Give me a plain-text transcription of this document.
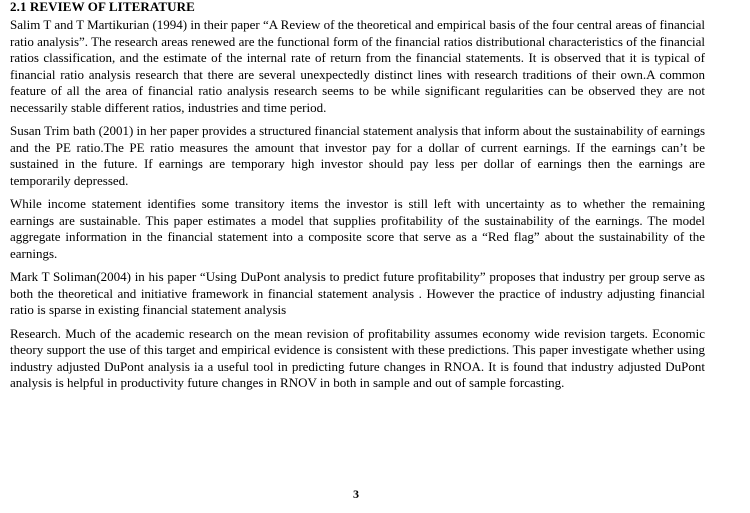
2.1 REVIEW OF LITERATURE

Salim T and T Martikurian (1994) in their paper “A Review of the theoretical and empirical basis of the four central areas of financial ratio analysis”. The research areas renewed are the functional form of the financial ratios distributional characteristics of the financial ratios classification, and the estimate of the internal rate of return from the financial statements. It is observed that it is typical of financial ratio analysis research that there are several unexpectedly distinct lines with research traditions of their own.A common feature of all the area of financial ratio analysis research seems to be while significant regularities can be observed they are not necessarily stable different ratios, industries and time period.

Susan Trim bath (2001) in her paper provides a structured financial statement analysis that inform about the sustainability of earnings and the PE ratio.The PE ratio measures the amount that investor pay for a dollar of current earnings. If the earnings can’t be sustained in the future. If earnings are temporary high investor should pay less per dollar of earnings then the earnings are temporarily depressed.

While income statement identifies some transitory items the investor is still left with uncertainty as to whether the remaining earnings are sustainable. This paper estimates a model that supplies profitability of the sustainability of the earnings. The model aggregate information in the financial statement into a composite score that serve as a “Red flag” about the sustainability of the earnings.

Mark T Soliman(2004) in his paper “Using DuPont analysis to predict future profitability” proposes that industry per group serve as both the theoretical and initiative framework in financial statement analysis . However the practice of industry adjusting financial ratio is sparse in existing financial statement analysis

Research. Much of the academic research on the mean revision of profitability assumes economy wide revision targets. Economic theory support the use of this target and empirical evidence is consistent with these predictions. This paper investigate whether using industry adjusted DuPont analysis ia a useful tool in predicting future changes in RNOA. It is found that industry adjusted DuPont analysis is helpful in productivity future changes in RNOV in both in sample and out of sample forcasting.

3
